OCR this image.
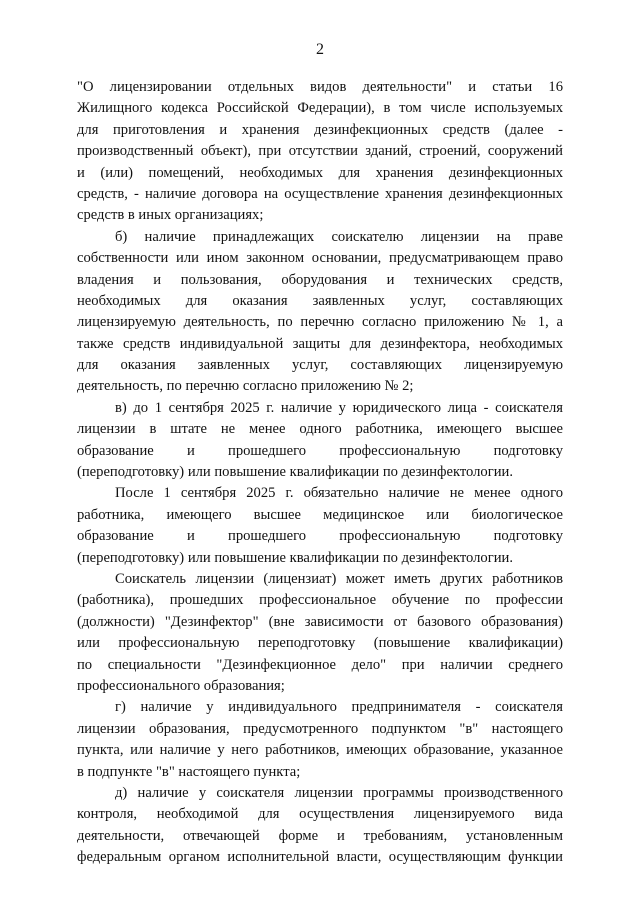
2
"О лицензировании отдельных видов деятельности" и статьи 16
Жилищного кодекса Российской Федерации), в том числе используемых
для приготовления и хранения дезинфекционных средств (далее -
производственный объект), при отсутствии зданий, строений, сооружений
и (или) помещений, необходимых для хранения дезинфекционных
средств, - наличие договора на осуществление хранения дезинфекционных
средств в иных организациях;
б) наличие принадлежащих соискателю лицензии на праве
собственности или ином законном основании, предусматривающем право
владения и пользования, оборудования и технических средств,
необходимых для оказания заявленных услуг, составляющих
лицензируемую деятельность, по перечню согласно приложению № 1, а
также средств индивидуальной защиты для дезинфектора, необходимых
для оказания заявленных услуг, составляющих лицензируемую
деятельность, по перечню согласно приложению № 2;
в) до 1 сентября 2025 г. наличие у юридического лица - соискателя
лицензии в штате не менее одного работника, имеющего высшее
образование и прошедшего профессиональную подготовку
(переподготовку) или повышение квалификации по дезинфектологии.
После 1 сентября 2025 г. обязательно наличие не менее одного
работника, имеющего высшее медицинское или биологическое
образование и прошедшего профессиональную подготовку
(переподготовку) или повышение квалификации по дезинфектологии.
Соискатель лицензии (лицензиат) может иметь других работников
(работника), прошедших профессиональное обучение по профессии
(должности) "Дезинфектор" (вне зависимости от базового образования)
или профессиональную переподготовку (повышение квалификации)
по специальности "Дезинфекционное дело" при наличии среднего
профессионального образования;
г) наличие у индивидуального предпринимателя - соискателя
лицензии образования, предусмотренного подпунктом "в" настоящего
пункта, или наличие у него работников, имеющих образование, указанное
в подпункте "в" настоящего пункта;
д) наличие у соискателя лицензии программы производственного
контроля, необходимой для осуществления лицензируемого вида
деятельности, отвечающей форме и требованиям, установленным
федеральным органом исполнительной власти, осуществляющим функции
